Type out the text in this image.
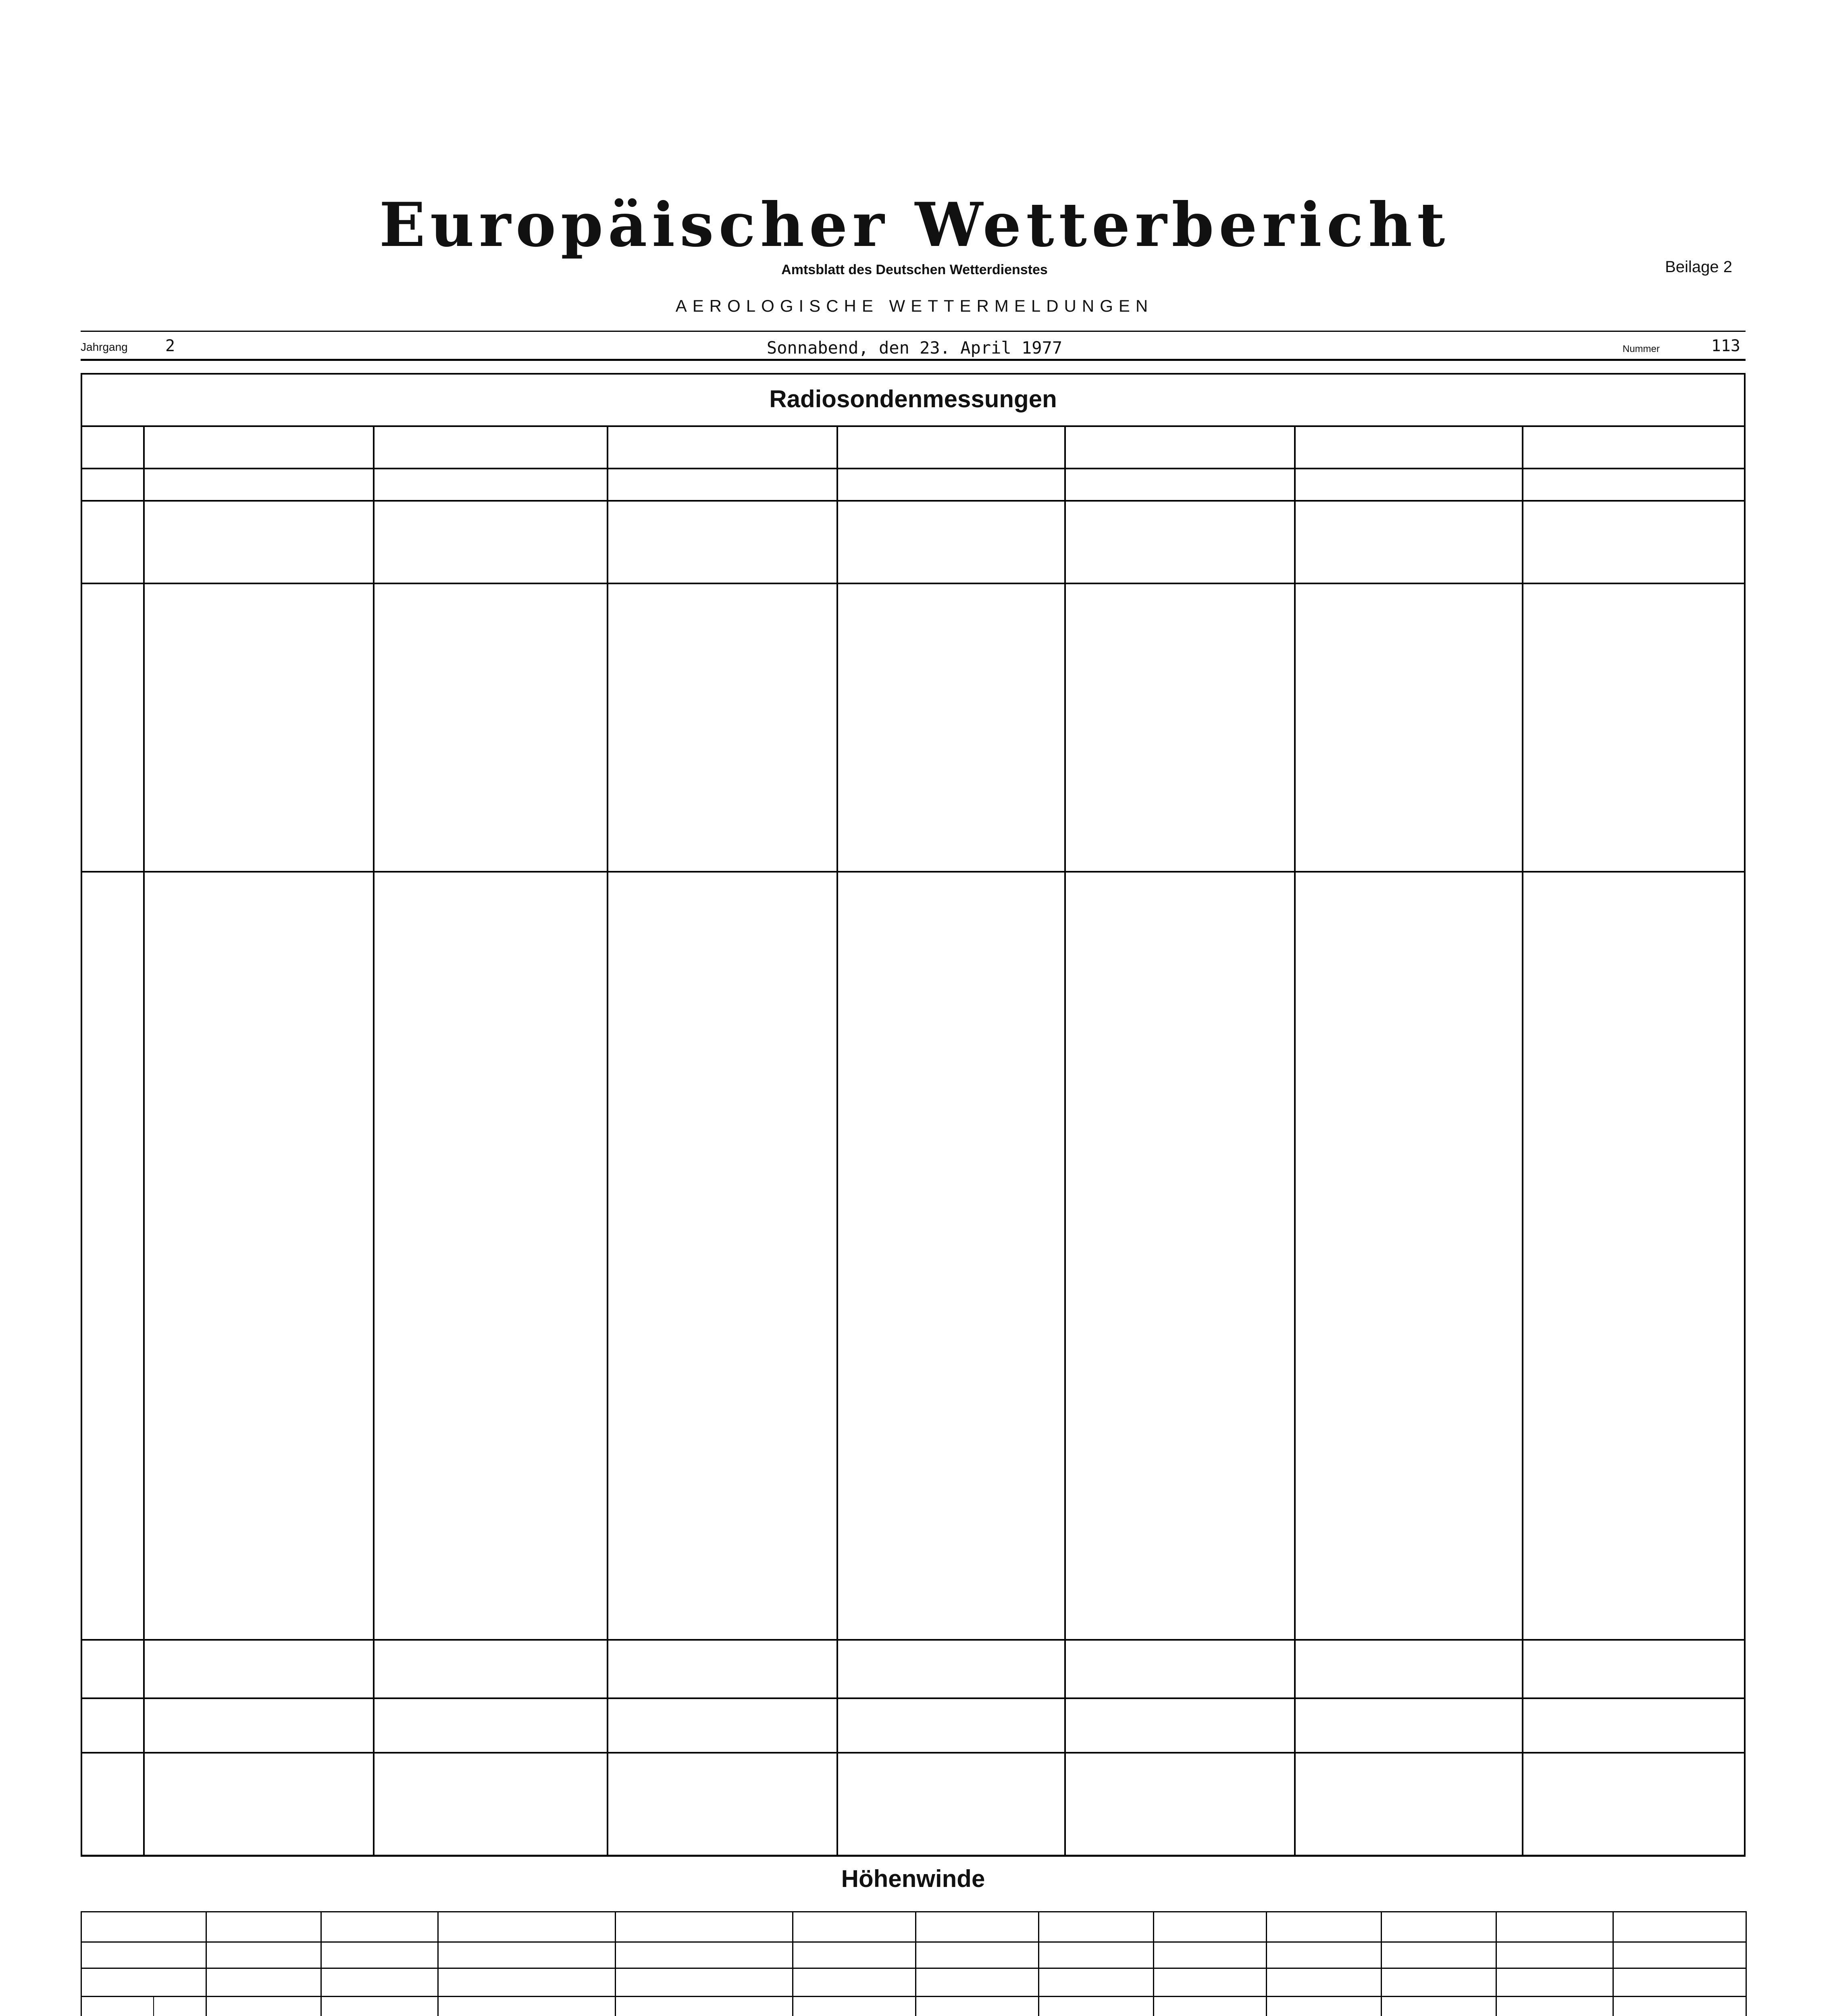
Europäischer Wetterbericht
Amtsblatt des Deutschen Wetterdienstes	Beilage 2
AEROLOGISCHE WETTERMELDUNGEN
Jahrgang 2	Sonnabend, den 23. April 1977	Nummer	113
Radiosondenmessungen
Höhenwinde
